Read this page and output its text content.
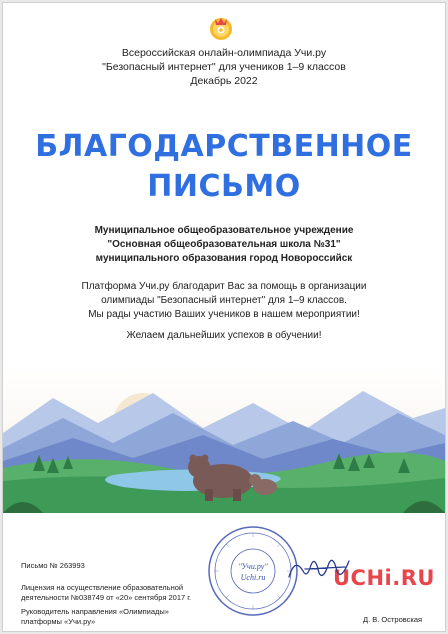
Всероссийская онлайн-олимпиада Учи.ру
"Безопасный интернет" для учеников 1–9 классов
Декабрь 2022
БЛАГОДАРСТВЕННОЕ
ПИСЬМО
Муниципальное общеобразовательное учреждение
"Основная общеобразовательная школа №31"
муниципального образования город Новороссийск
Платформа Учи.ру благодарит Вас за помощь в организации
олимпиады "Безопасный интернет" для 1–9 классов.
Мы рады участию Ваших учеников в нашем мероприятии!
Желаем дальнейших успехов в обучении!
Письмо № 263993
Лицензия на осуществление образовательной
деятельности №038749 от «20» сентября 2017 г.
Руководитель направления «Олимпиады»
платформы «Учи.ру»	Д. В. Островская
UCHi.RU
"Учи.ру"
Uchi.ru
